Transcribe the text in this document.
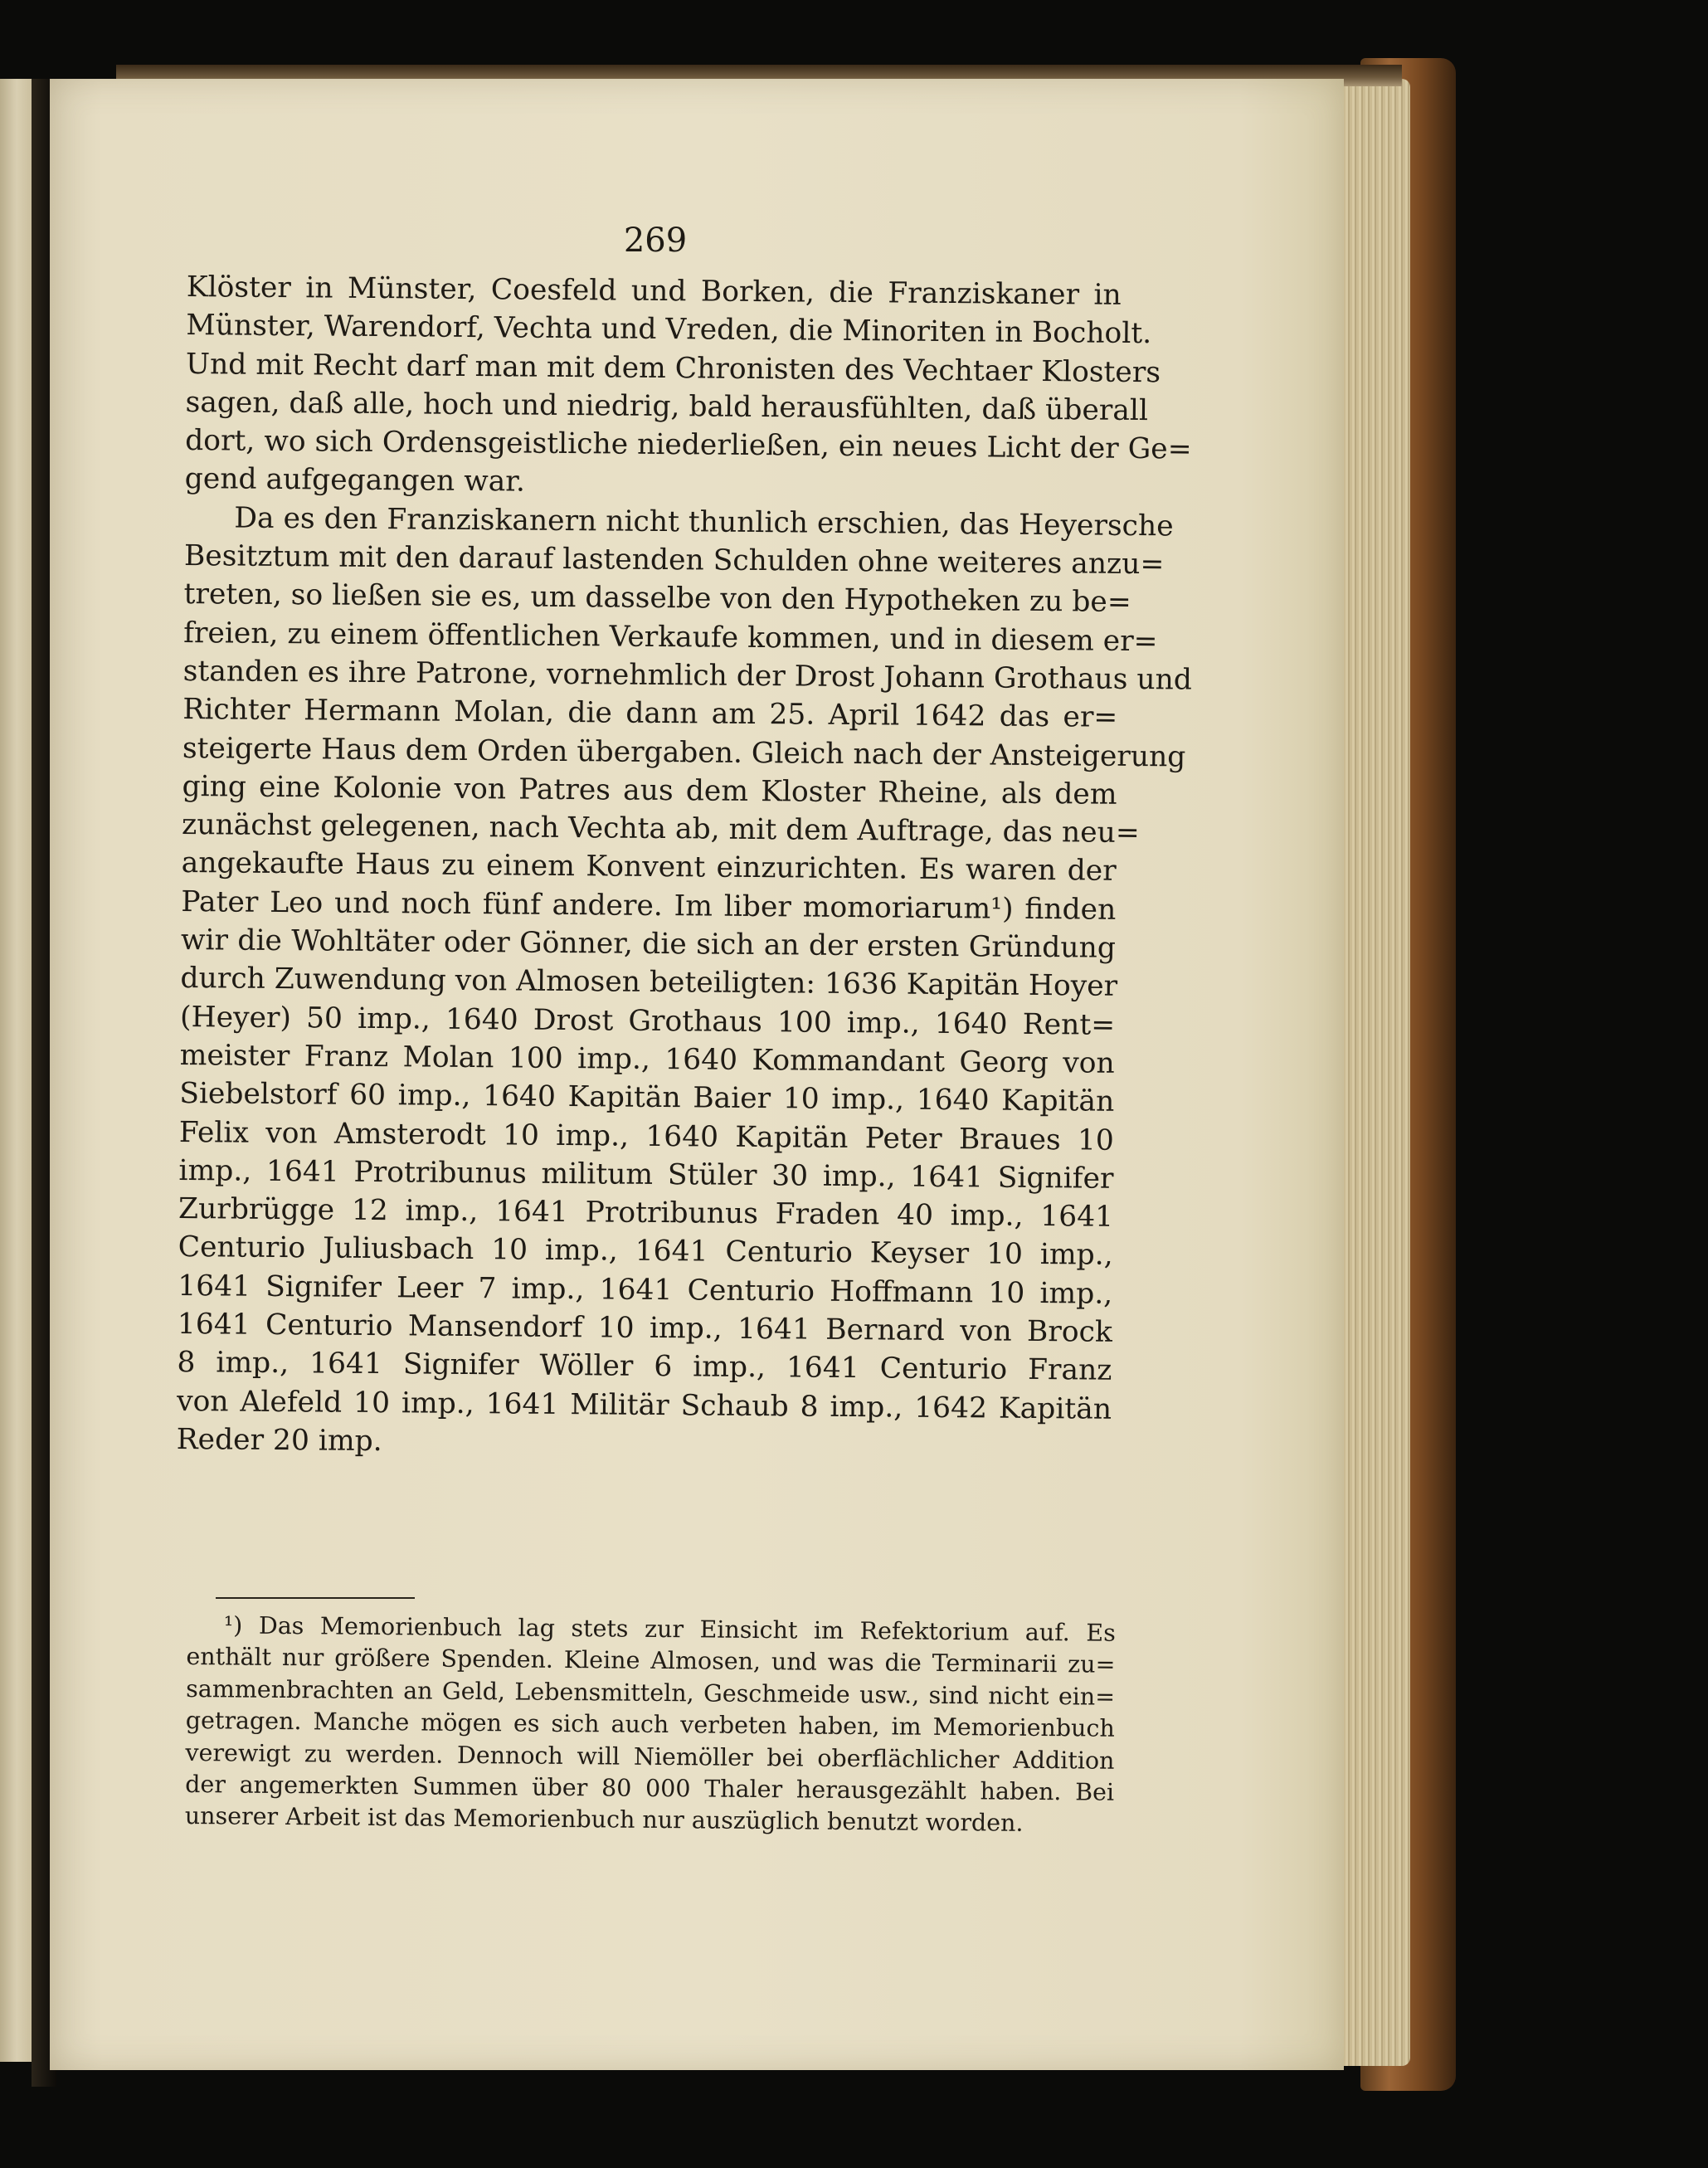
269
Klöster in Münster, Coesfeld und Borken, die Franziskaner in
Münster, Warendorf, Vechta und Vreden, die Minoriten in Bocholt.
Und mit Recht darf man mit dem Chronisten des Vechtaer Klosters
sagen, daß alle, hoch und niedrig, bald herausfühlten, daß überall
dort, wo sich Ordensgeistliche niederließen, ein neues Licht der Ge=
gend aufgegangen war.
Da es den Franziskanern nicht thunlich erschien, das Heyersche
Besitztum mit den darauf lastenden Schulden ohne weiteres anzu=
treten, so ließen sie es, um dasselbe von den Hypotheken zu be=
freien, zu einem öffentlichen Verkaufe kommen, und in diesem er=
standen es ihre Patrone, vornehmlich der Drost Johann Grothaus und
Richter Hermann Molan, die dann am 25. April 1642 das er=
steigerte Haus dem Orden übergaben. Gleich nach der Ansteigerung
ging eine Kolonie von Patres aus dem Kloster Rheine, als dem
zunächst gelegenen, nach Vechta ab, mit dem Auftrage, das neu=
angekaufte Haus zu einem Konvent einzurichten. Es waren der
Pater Leo und noch fünf andere. Im liber momoriarum¹) finden
wir die Wohltäter oder Gönner, die sich an der ersten Gründung
durch Zuwendung von Almosen beteiligten: 1636 Kapitän Hoyer
(Heyer) 50 imp., 1640 Drost Grothaus 100 imp., 1640 Rent=
meister Franz Molan 100 imp., 1640 Kommandant Georg von
Siebelstorf 60 imp., 1640 Kapitän Baier 10 imp., 1640 Kapitän
Felix von Amsterodt 10 imp., 1640 Kapitän Peter Braues 10
imp., 1641 Protribunus militum Stüler 30 imp., 1641 Signifer
Zurbrügge 12 imp., 1641 Protribunus Fraden 40 imp., 1641
Centurio Juliusbach 10 imp., 1641 Centurio Keyser 10 imp.,
1641 Signifer Leer 7 imp., 1641 Centurio Hoffmann 10 imp.,
1641 Centurio Mansendorf 10 imp., 1641 Bernard von Brock
8 imp., 1641 Signifer Wöller 6 imp., 1641 Centurio Franz
von Alefeld 10 imp., 1641 Militär Schaub 8 imp., 1642 Kapitän
Reder 20 imp.
¹) Das Memorienbuch lag stets zur Einsicht im Refektorium auf. Es
enthält nur größere Spenden. Kleine Almosen, und was die Terminarii zu=
sammenbrachten an Geld, Lebensmitteln, Geschmeide usw., sind nicht ein=
getragen. Manche mögen es sich auch verbeten haben, im Memorienbuch
verewigt zu werden. Dennoch will Niemöller bei oberflächlicher Addition
der angemerkten Summen über 80 000 Thaler herausgezählt haben. Bei
unserer Arbeit ist das Memorienbuch nur auszüglich benutzt worden.
